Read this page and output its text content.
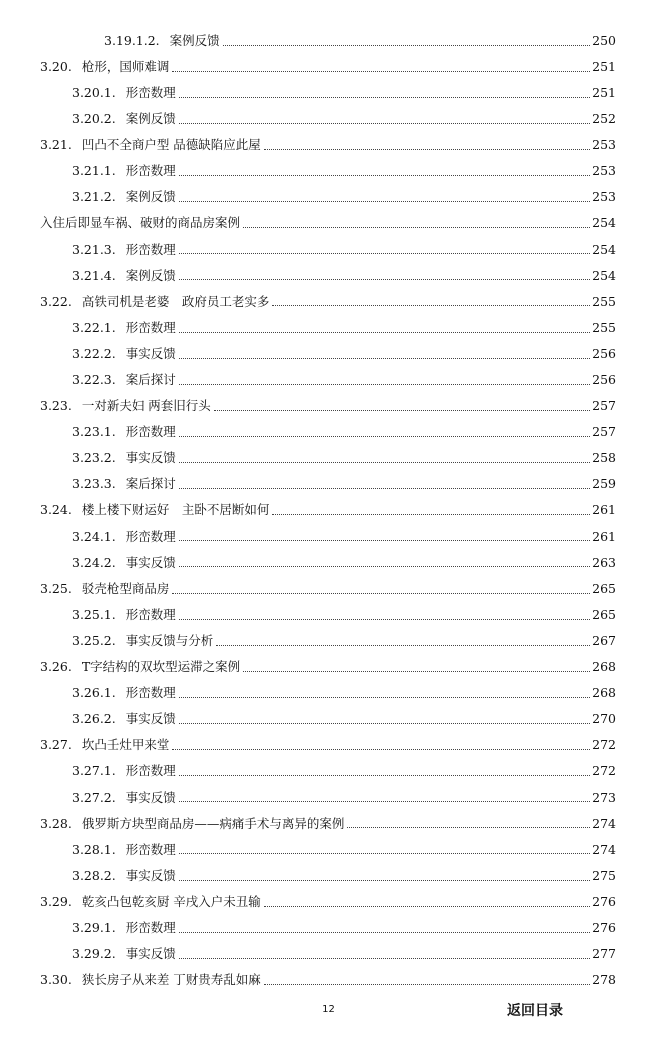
3.19.1.2. 案例反馈	250
3.20. 枪形，国师难调	251
3.20.1. 形峦数理	251
3.20.2. 案例反馈	252
3.21. 凹凸不全商户型 品德缺陷应此屋	253
3.21.1. 形峦数理	253
3.21.2. 案例反馈	253
入住后即显车祸、破财的商品房案例	254
3.21.3. 形峦数理	254
3.21.4. 案例反馈	254
3.22. 高铁司机是老婆　政府员工老实多	255
3.22.1. 形峦数理	255
3.22.2. 事实反馈	256
3.22.3. 案后探讨	256
3.23. 一对新夫妇 两套旧行头	257
3.23.1. 形峦数理	257
3.23.2. 事实反馈	258
3.23.3. 案后探讨	259
3.24. 楼上楼下财运好　主卧不居断如何	261
3.24.1. 形峦数理	261
3.24.2. 事实反馈	263
3.25. 驳壳枪型商品房	265
3.25.1. 形峦数理	265
3.25.2. 事实反馈与分析	267
3.26. T字结构的双坎型运滞之案例	268
3.26.1. 形峦数理	268
3.26.2. 事实反馈	270
3.27. 坎凸壬灶甲来堂	272
3.27.1. 形峦数理	272
3.27.2. 事实反馈	273
3.28. 俄罗斯方块型商品房——病痛手术与离异的案例	274
3.28.1. 形峦数理	274
3.28.2. 事实反馈	275
3.29. 乾亥凸包乾亥厨 辛戌入户未丑输	276
3.29.1. 形峦数理	276
3.29.2. 事实反馈	277
3.30. 狭长房子从来差 丁财贵寿乱如麻	278
12	返回目录
